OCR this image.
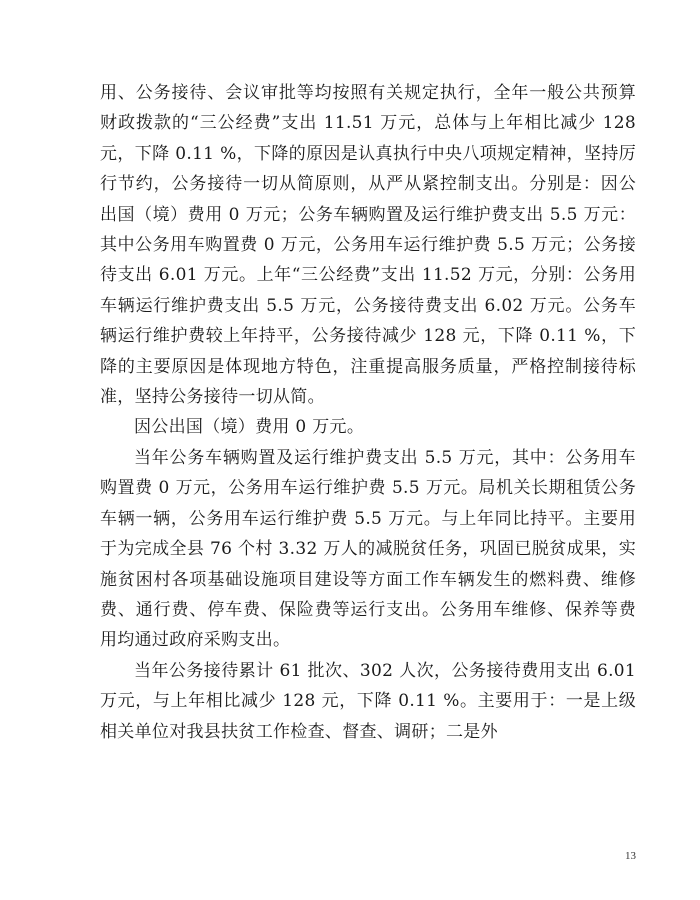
用、公务接待、会议审批等均按照有关规定执行，全年一般公共预算财政拨款的“三公经费”支出 11.51 万元，总体与上年相比减少 128 元，下降 0.11 %，下降的原因是认真执行中央八项规定精神，坚持厉行节约，公务接待一切从简原则，从严从紧控制支出。分别是：因公出国（境）费用 0 万元；公务车辆购置及运行维护费支出 5.5 万元：其中公务用车购置费 0 万元，公务用车运行维护费 5.5 万元；公务接待支出 6.01 万元。上年“三公经费”支出 11.52 万元，分别：公务用车辆运行维护费支出 5.5 万元，公务接待费支出 6.02 万元。公务车辆运行维护费较上年持平，公务接待减少 128 元，下降 0.11 %，下降的主要原因是体现地方特色，注重提高服务质量，严格控制接待标准，坚持公务接待一切从简。

因公出国（境）费用 0 万元。

当年公务车辆购置及运行维护费支出 5.5 万元，其中：公务用车购置费 0 万元，公务用车运行维护费 5.5 万元。局机关长期租赁公务车辆一辆，公务用车运行维护费 5.5 万元。与上年同比持平。主要用于为完成全县 76 个村 3.32 万人的减脱贫任务，巩固已脱贫成果，实施贫困村各项基础设施项目建设等方面工作车辆发生的燃料费、维修费、通行费、停车费、保险费等运行支出。公务用车维修、保养等费用均通过政府采购支出。

当年公务接待累计 61 批次、302 人次，公务接待费用支出 6.01 万元，与上年相比减少 128 元，下降 0.11 %。主要用于：一是上级相关单位对我县扶贫工作检查、督查、调研；二是外

13
